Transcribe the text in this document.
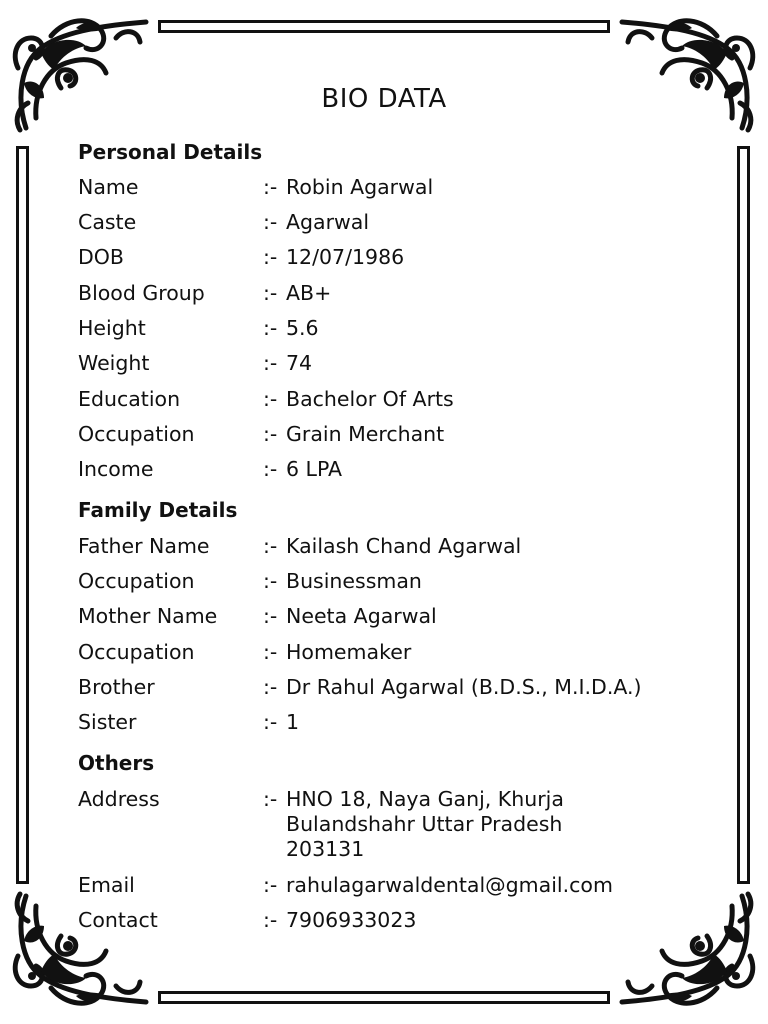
BIO DATA
Personal Details
Name	:- Robin Agarwal
Caste	:- Agarwal
DOB	:- 12/07/1986
Blood Group	:- AB+
Height	:- 5.6
Weight	:- 74
Education	:- Bachelor Of Arts
Occupation	:- Grain Merchant
Income	:- 6 LPA
Family Details
Father Name	:- Kailash Chand Agarwal
Occupation	:- Businessman
Mother Name :- Neeta Agarwal
Occupation	:- Homemaker
Brother	:- Dr Rahul Agarwal (B.D.S., M.I.D.A.)
Sister	:- 1
Others
Address	:- HNO 18, Naya Ganj, Khurja
Bulandshahr Uttar Pradesh
203131
Email	:- rahulagarwaldental@gmail.com
Contact	:- 7906933023
